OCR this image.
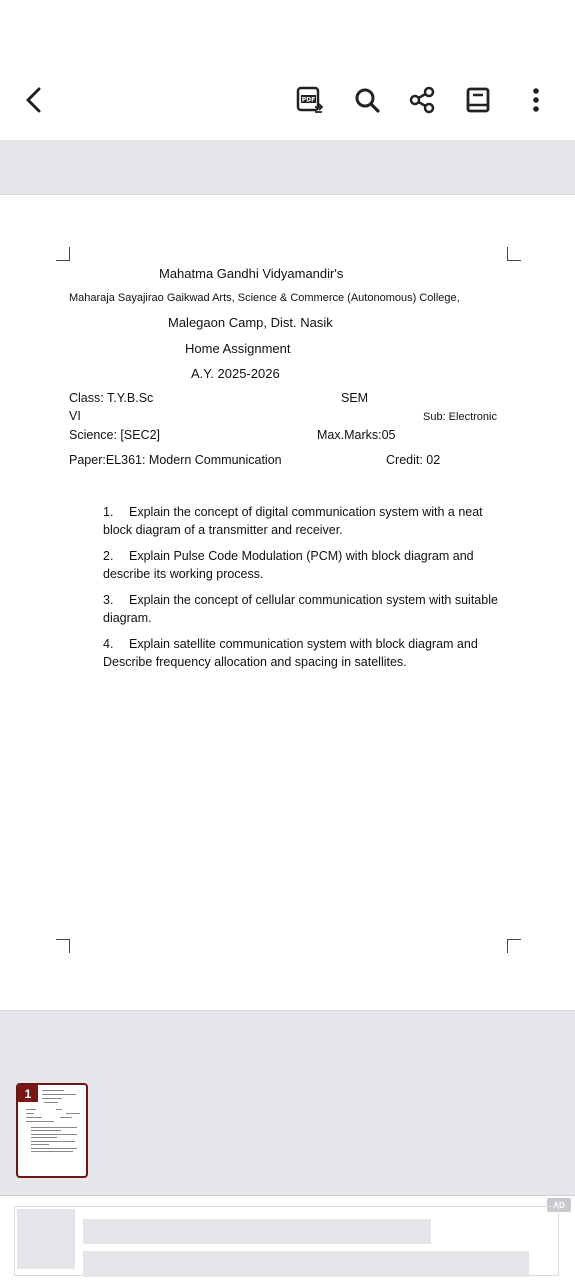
PDF
Mahatma Gandhi Vidyamandir's
Maharaja Sayajirao Gaikwad Arts, Science & Commerce (Autonomous) College,
Malegaon Camp, Dist. Nasik
Home Assignment
A.Y. 2025-2026
Class: T.Y.B.Sc	SEM
VI	Sub: Electronic
Science: [SEC2]	Max.Marks:05
Paper:EL361: Modern Communication	Credit: 02
1. Explain the concept of digital communication system with a neat block diagram of a transmitter and receiver.
2. Explain Pulse Code Modulation (PCM) with block diagram and describe its working process.
3. Explain the concept of cellular communication system with suitable diagram.
4. Explain satellite communication system with block diagram and Describe frequency allocation and spacing in satellites.
1
AD
